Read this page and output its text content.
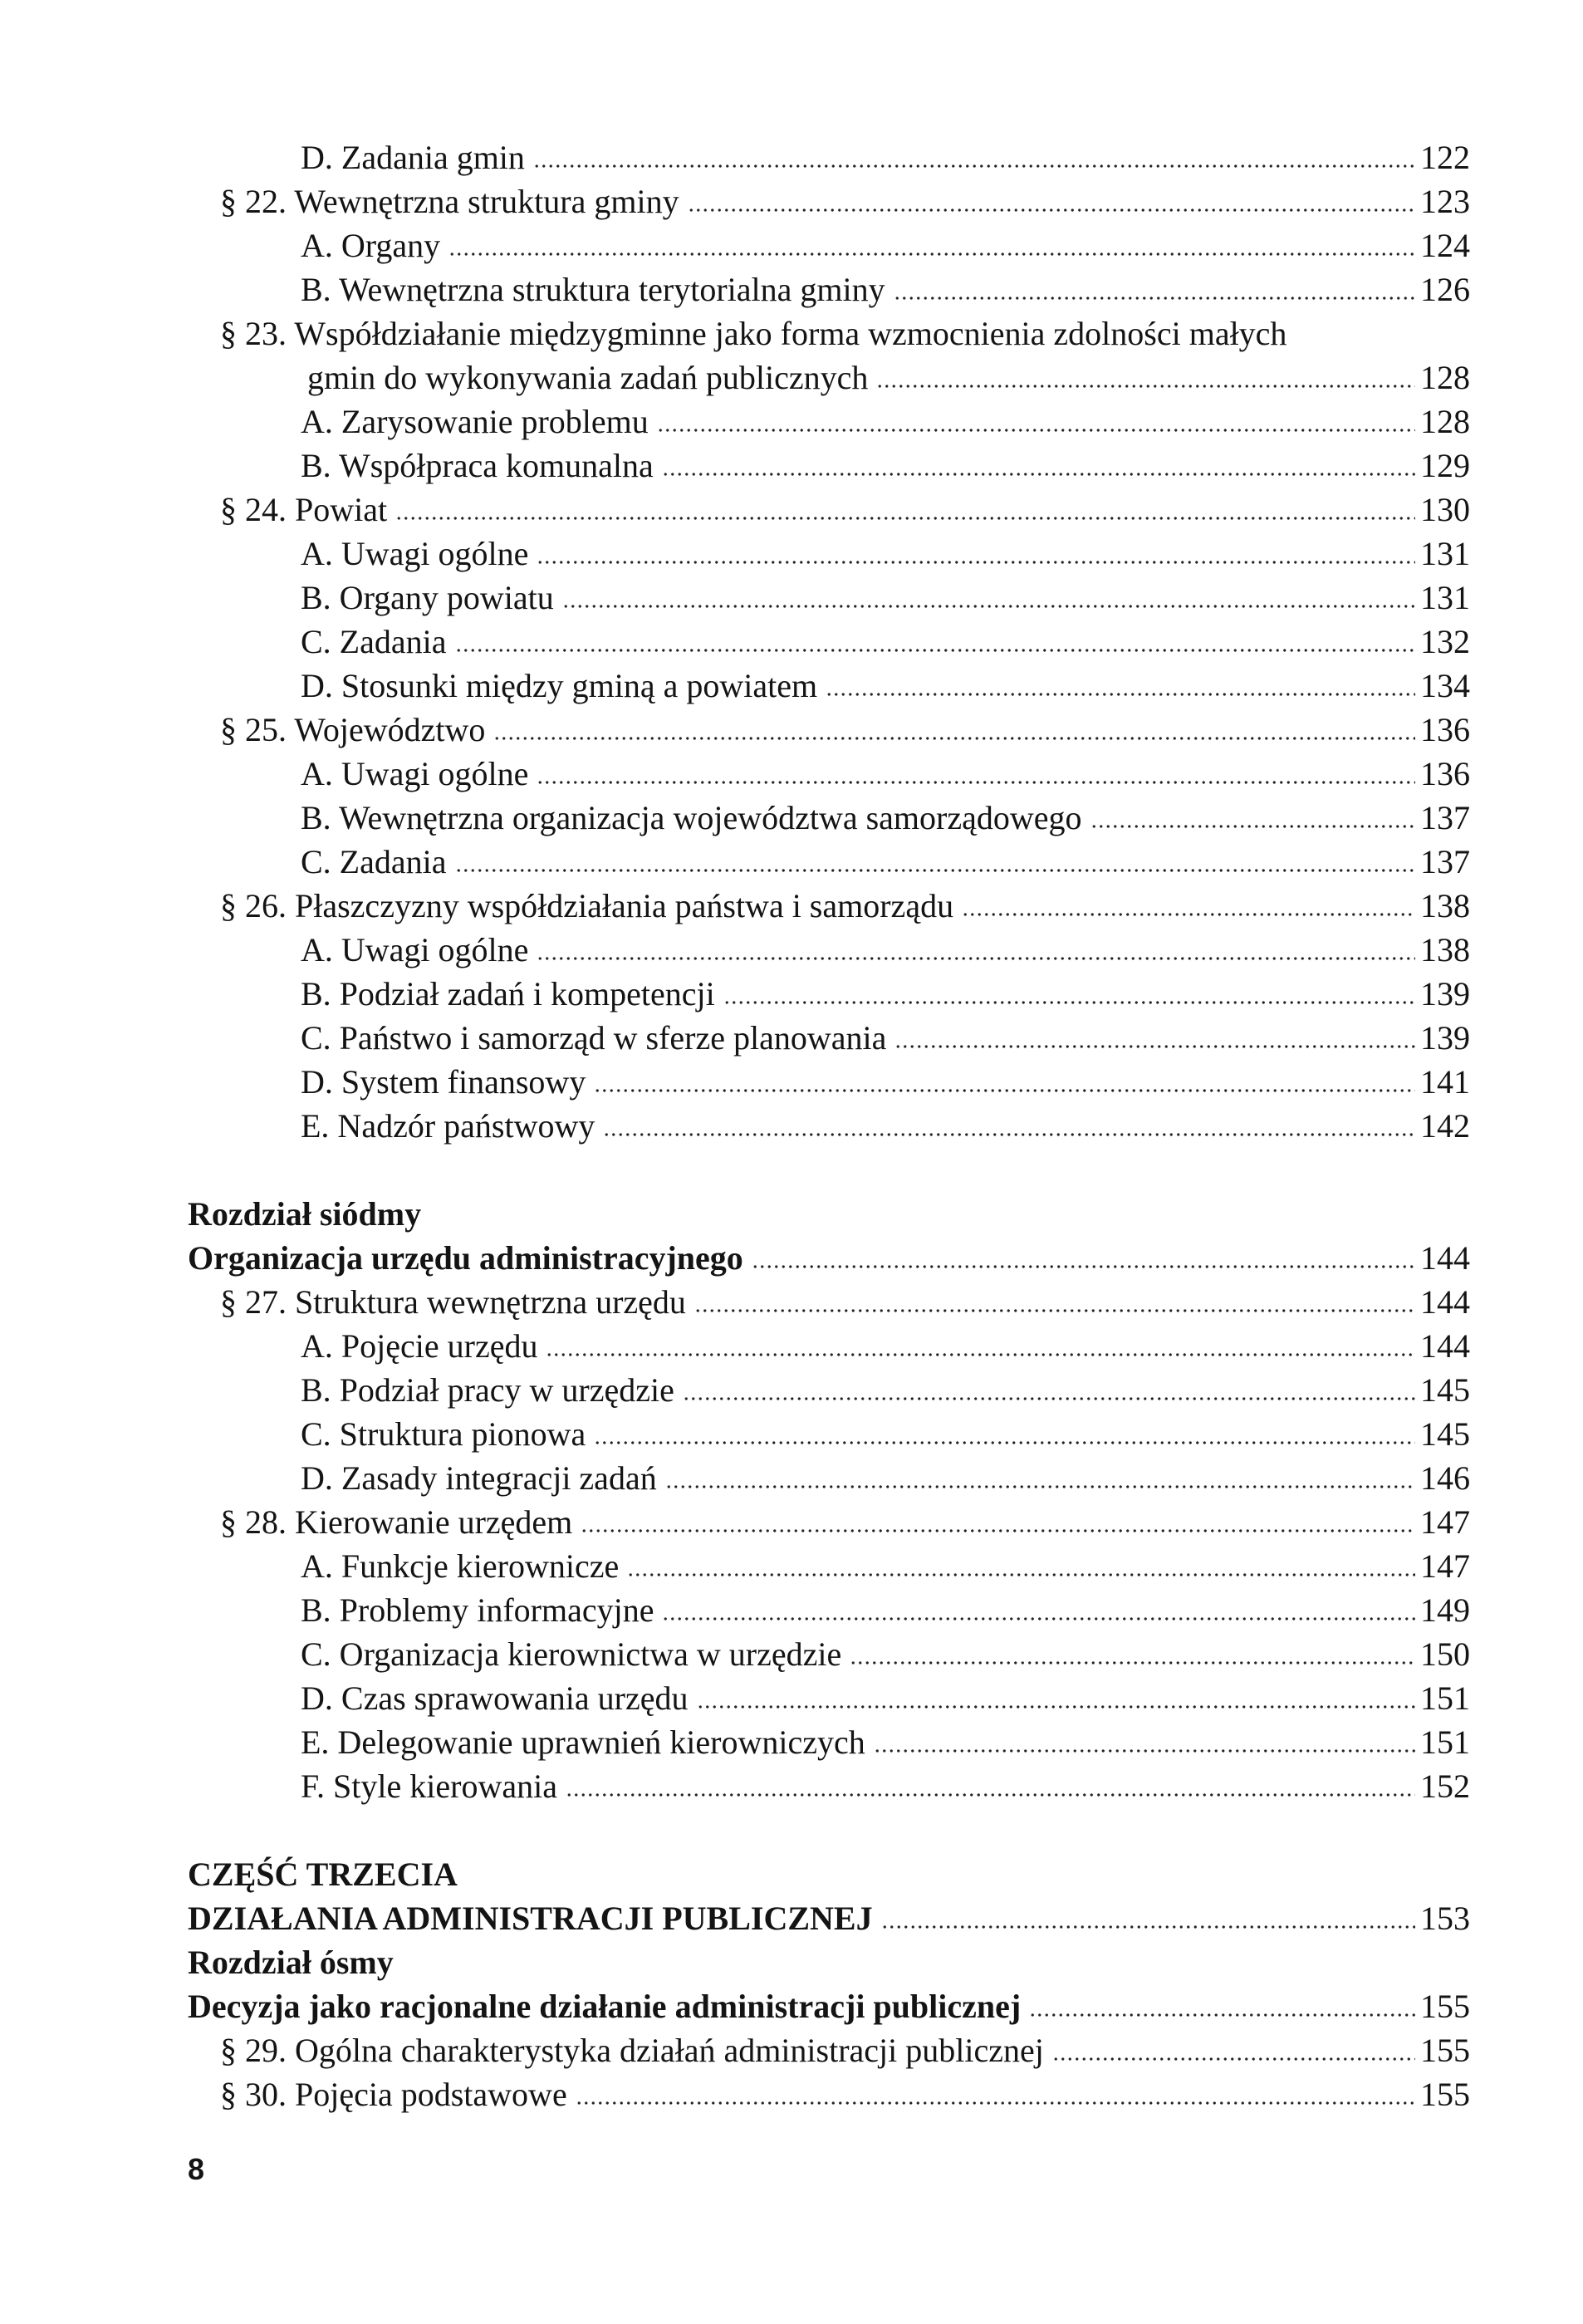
D. Zadania gmin	122
§ 22. Wewnętrzna struktura gminy	123
A. Organy	124
B. Wewnętrzna struktura terytorialna gminy	126
§ 23. Współdziałanie międzygminne jako forma wzmocnienia zdolności małych
gmin do wykonywania zadań publicznych	128
A. Zarysowanie problemu	128
B. Współpraca komunalna	129
§ 24. Powiat	130
A. Uwagi ogólne	131
B. Organy powiatu	131
C. Zadania	132
D. Stosunki między gminą a powiatem	134
§ 25. Województwo	136
A. Uwagi ogólne	136
B. Wewnętrzna organizacja województwa samorządowego	137
C. Zadania	137
§ 26. Płaszczyzny współdziałania państwa i samorządu	138
A. Uwagi ogólne	138
B. Podział zadań i kompetencji	139
C. Państwo i samorząd w sferze planowania	139
D. System finansowy	141
E. Nadzór państwowy	142
Rozdział siódmy
Organizacja urzędu administracyjnego	144
§ 27. Struktura wewnętrzna urzędu	144
A. Pojęcie urzędu	144
B. Podział pracy w urzędzie	145
C. Struktura pionowa	145
D. Zasady integracji zadań	146
§ 28. Kierowanie urzędem	147
A. Funkcje kierownicze	147
B. Problemy informacyjne	149
C. Organizacja kierownictwa w urzędzie	150
D. Czas sprawowania urzędu	151
E. Delegowanie uprawnień kierowniczych	151
F. Style kierowania	152
CZĘŚĆ TRZECIA
DZIAŁANIA ADMINISTRACJI PUBLICZNEJ	153
Rozdział ósmy
Decyzja jako racjonalne działanie administracji publicznej	155
§ 29. Ogólna charakterystyka działań administracji publicznej	155
§ 30. Pojęcia podstawowe	155
8
